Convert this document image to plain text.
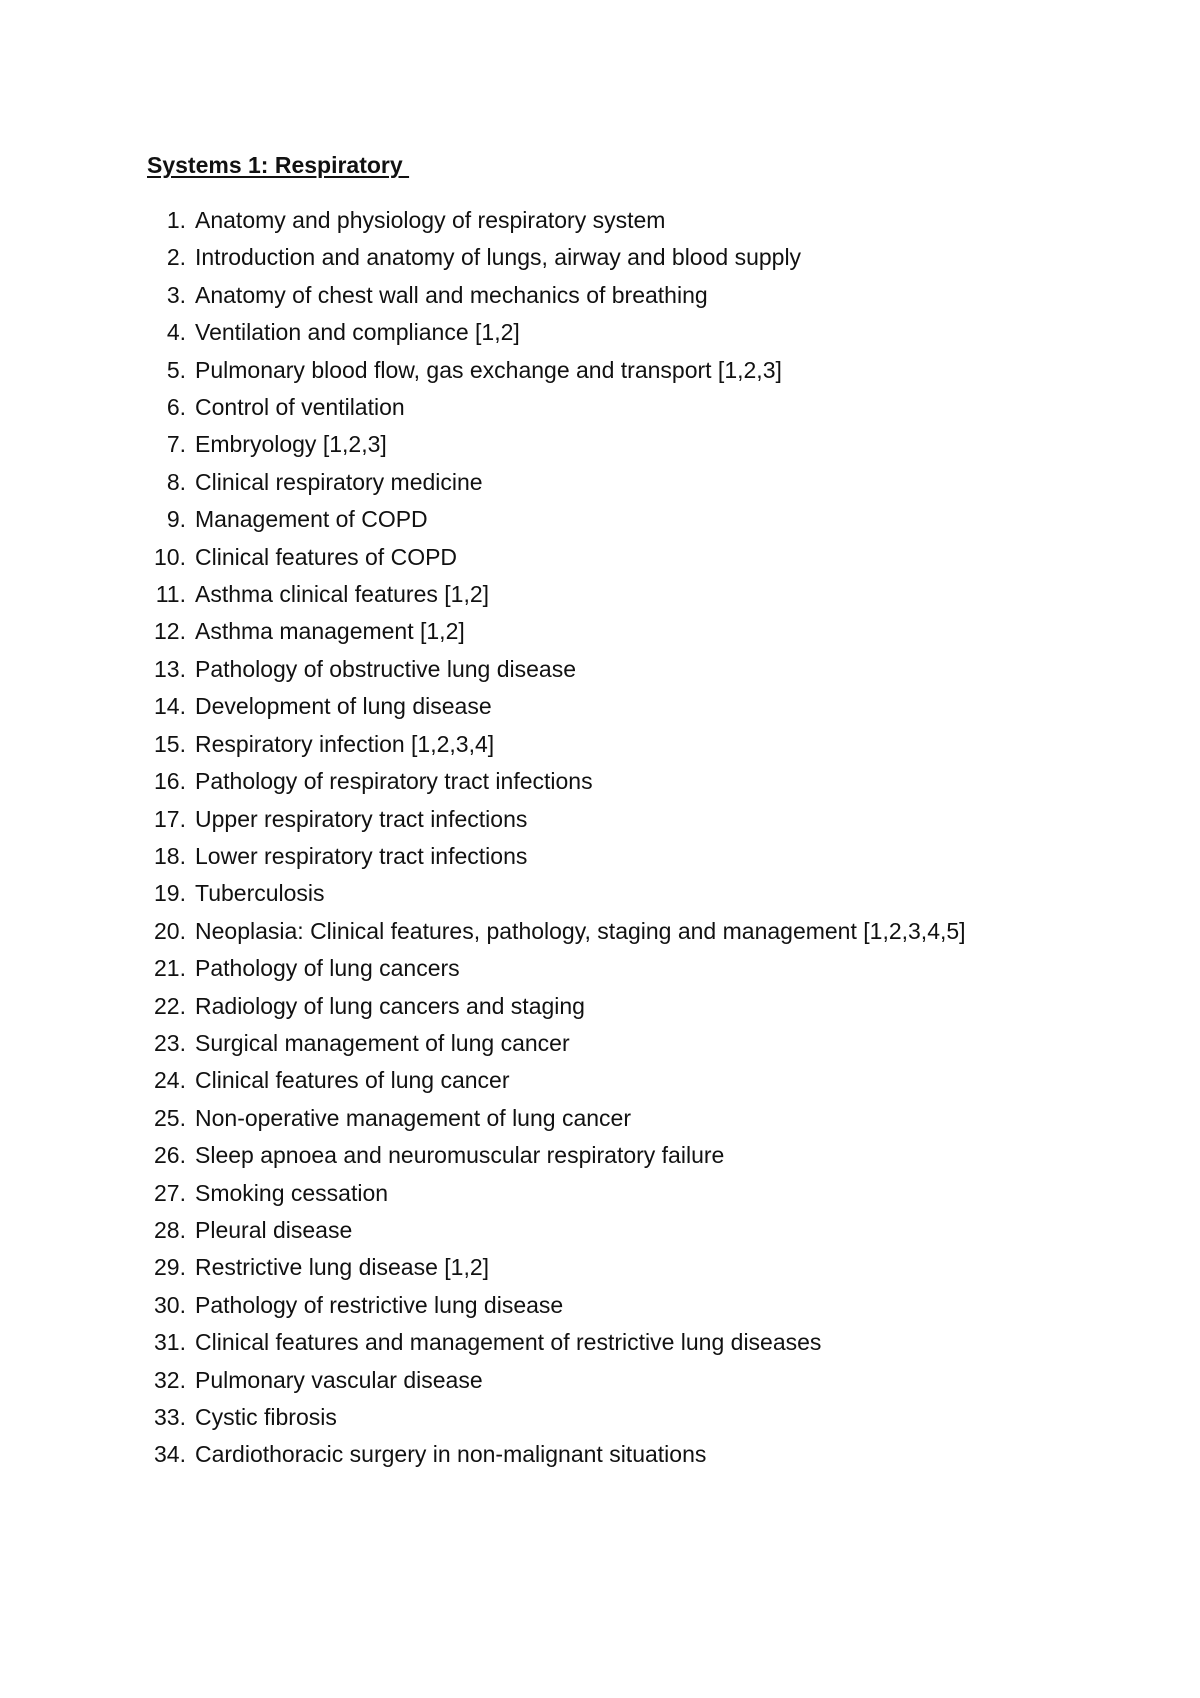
Systems 1: Respiratory
1. Anatomy and physiology of respiratory system
2. Introduction and anatomy of lungs, airway and blood supply
3. Anatomy of chest wall and mechanics of breathing
4. Ventilation and compliance [1,2]
5. Pulmonary blood flow, gas exchange and transport [1,2,3]
6. Control of ventilation
7. Embryology [1,2,3]
8. Clinical respiratory medicine
9. Management of COPD
10. Clinical features of COPD
11. Asthma clinical features [1,2]
12. Asthma management [1,2]
13. Pathology of obstructive lung disease
14. Development of lung disease
15. Respiratory infection [1,2,3,4]
16. Pathology of respiratory tract infections
17. Upper respiratory tract infections
18. Lower respiratory tract infections
19. Tuberculosis
20. Neoplasia: Clinical features, pathology, staging and management [1,2,3,4,5]
21. Pathology of lung cancers
22. Radiology of lung cancers and staging
23. Surgical management of lung cancer
24. Clinical features of lung cancer
25. Non-operative management of lung cancer
26. Sleep apnoea and neuromuscular respiratory failure
27. Smoking cessation
28. Pleural disease
29. Restrictive lung disease [1,2]
30. Pathology of restrictive lung disease
31. Clinical features and management of restrictive lung diseases
32. Pulmonary vascular disease
33. Cystic fibrosis
34. Cardiothoracic surgery in non-malignant situations
